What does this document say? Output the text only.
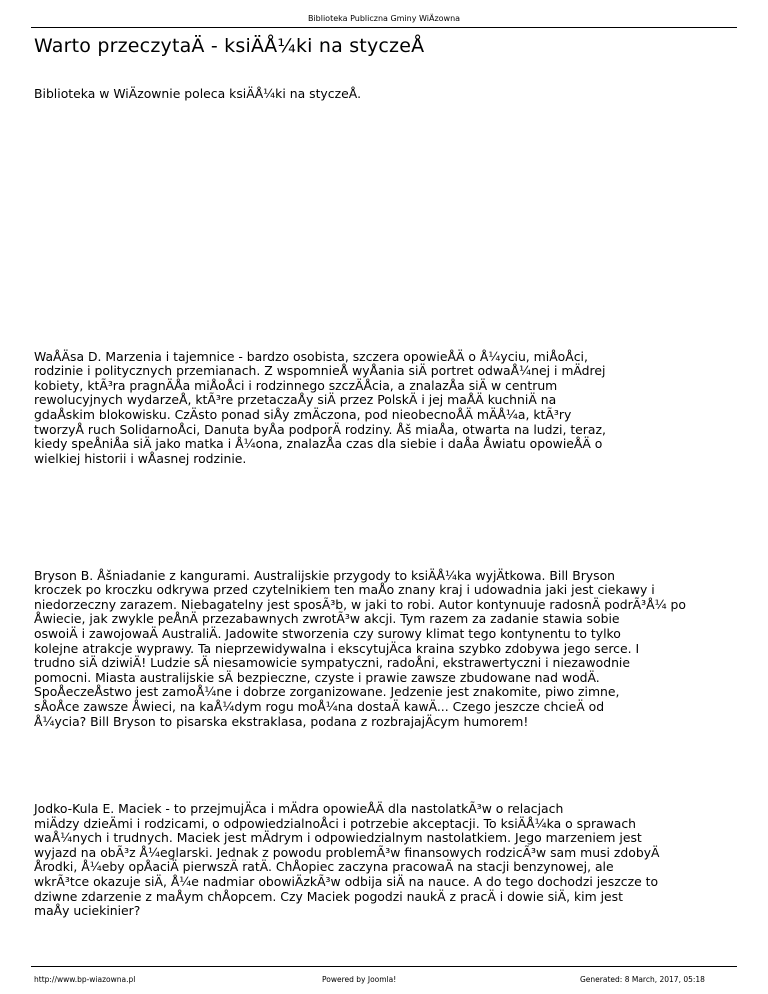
Biblioteka Publiczna Gminy WiÄzowna
Warto przeczytaÄ - ksiÄÅ¼ki na styczeÅ

Biblioteka w WiÄzownie poleca ksiÄÅ¼ki na styczeÅ.

WaÅÄsa D. Marzenia i tajemnice - bardzo osobista, szczera opowieÅÄ o Å¼yciu, miÅoÅci,

rodzinie i politycznych przemianach. Z wspomnieÅ wyÅania siÄ portret odwaÅ¼nej i mÄdrej

kobiety, ktÃ³ra pragnÄÅa miÅoÅci i rodzinnego szczÄÅcia, a znalazÅa siÄ w centrum

rewolucyjnych wydarzeÅ, ktÃ³re przetaczaÅy siÄ przez PolskÄ i jej maÅÄ kuchniÄ na

gdaÅskim blokowisku. CzÄsto ponad siÅy zmÄczona, pod nieobecnoÅÄ mÄÅ¼a, ktÃ³ry

tworzyÅ ruch SolidarnoÅci, Danuta byÅa podporÄ rodziny. Åš miaÅa, otwarta na ludzi, teraz,

kiedy speÅniÅa siÄ jako matka i Å¼ona, znalazÅa czas dla siebie i daÅa Åwiatu opowieÅÄ o

wielkiej historii i wÅasnej rodzinie.

Bryson B. Åšniadanie z kangurami. Australijskie przygody to ksiÄÅ¼ka wyjÄtkowa. Bill Bryson

kroczek po kroczku odkrywa przed czytelnikiem ten maÅo znany kraj i udowadnia jaki jest ciekawy i

niedorzeczny zarazem. Niebagatelny jest sposÃ³b, w jaki to robi. Autor kontynuuje radosnÄ podrÃ³Å¼ po

Åwiecie, jak zwykle peÅnÄ przezabawnych zwrotÃ³w akcji. Tym razem za zadanie stawia sobie

oswoiÄ i zawojowaÄ AustraliÄ. Jadowite stworzenia czy surowy klimat tego kontynentu to tylko

kolejne atrakcje wyprawy. Ta nieprzewidywalna i ekscytujÄca kraina szybko zdobywa jego serce. I

trudno siÄ dziwiÄ! Ludzie sÄ niesamowicie sympatyczni, radoÅni, ekstrawertyczni i niezawodnie

pomocni. Miasta australijskie sÄ bezpieczne, czyste i prawie zawsze zbudowane nad wodÄ.

SpoÅeczeÅstwo jest zamoÅ¼ne i dobrze zorganizowane. Jedzenie jest znakomite, piwo zimne,

sÅoÅce zawsze Åwieci, na kaÅ¼dym rogu moÅ¼na dostaÄ kawÄ... Czego jeszcze chcieÄ od

Å¼ycia? Bill Bryson to pisarska ekstraklasa, podana z rozbrajajÄcym humorem!

Jodko-Kula E. Maciek - to przejmujÄca i mÄdra opowieÅÄ dla nastolatkÃ³w o relacjach

miÄdzy dzieÄmi i rodzicami, o odpowiedzialnoÅci i potrzebie akceptacji. To ksiÄÅ¼ka o sprawach

waÅ¼nych i trudnych. Maciek jest mÄdrym i odpowiedzialnym nastolatkiem. Jego marzeniem jest

wyjazd na obÃ³z Å¼eglarski. Jednak z powodu problemÃ³w finansowych rodzicÃ³w sam musi zdobyÄ

Årodki, Å¼eby opÅaciÄ pierwszÄ ratÄ. ChÅopiec zaczyna pracowaÄ na stacji benzynowej, ale

wkrÃ³tce okazuje siÄ, Å¼e nadmiar obowiÄzkÃ³w odbija siÄ na nauce. A do tego dochodzi jeszcze to

dziwne zdarzenie z maÅym chÅopcem. Czy Maciek pogodzi naukÄ z pracÄ i dowie siÄ, kim jest

maÅy uciekinier?

http://www.bp-wiazowna.pl	Powered by Joomla!	Generated: 8 March, 2017, 05:18
